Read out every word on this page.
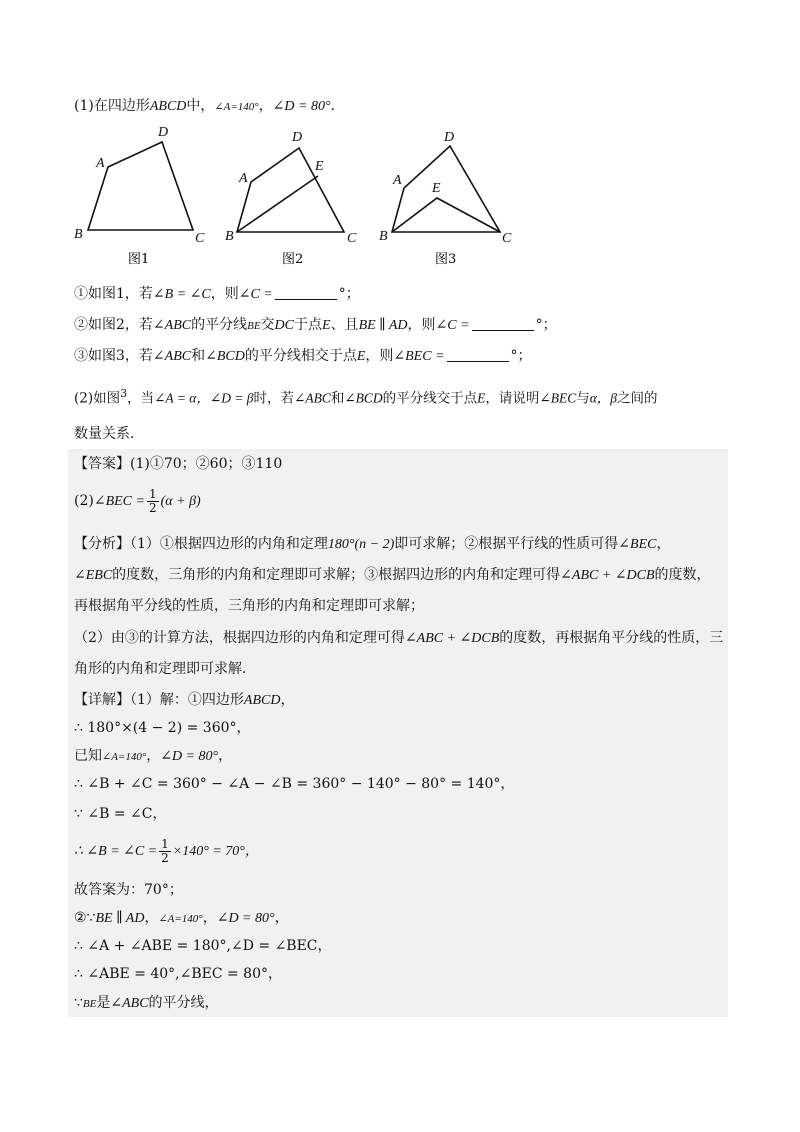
(1)在四边形ABCD中，∠A=140°，∠D = 80°．
A
B	C
D
图1
A
B	C
D
E
图2
A
B	C
D
E
图3
①如图1，若∠B = ∠C，则∠C =	°；
②如图2，若∠ABC的平分线BE交DC于点E、且BE ∥ AD，则∠C =	°；
③如图3，若∠ABC和∠BCD的平分线相交于点E，则∠BEC =	°；
(2)如图$^3$，当∠A = α，∠D = β时，若∠ABC和∠BCD的平分线交于点E，请说明∠BEC与α，β之间的
数量关系．
【答案】(1)①70；②60；③110
(2)∠BEC = $\frac{1}{2} (\alpha + \beta)$
【分析】（1）①根据四边形的内角和定理180°(n − 2)即可求解；②根据平行线的性质可得∠BEC，
∠EBC的度数，三角形的内角和定理即可求解；③根据四边形的内角和定理可得∠ABC + ∠DCB的度数，
再根据角平分线的性质，三角形的内角和定理即可求解；
（2）由③的计算方法，根据四边形的内角和定理可得∠ABC + ∠DCB的度数，再根据角平分线的性质，三
角形的内角和定理即可求解．
【详解】（1）解：①四边形ABCD，
∴ 180°×(4 − 2) = 360°，
已知∠A=140°，∠D = 80°，
∴ ∠B + ∠C = 360° − ∠A − ∠B = 360° − 140° − 80° = 140°，
∵ ∠B = ∠C，
∴ ∠B = ∠C = $\frac{1}{2} \times 140^\circ = 70^\circ$，
故答案为：70°；
②∵BE ∥ AD，∠A=140°，∠D = 80°，
∴ ∠A + ∠ABE = 180°,∠D = ∠BEC，
∴ ∠ABE = 40°,∠BEC = 80°，
∵BE是∠ABC的平分线，
